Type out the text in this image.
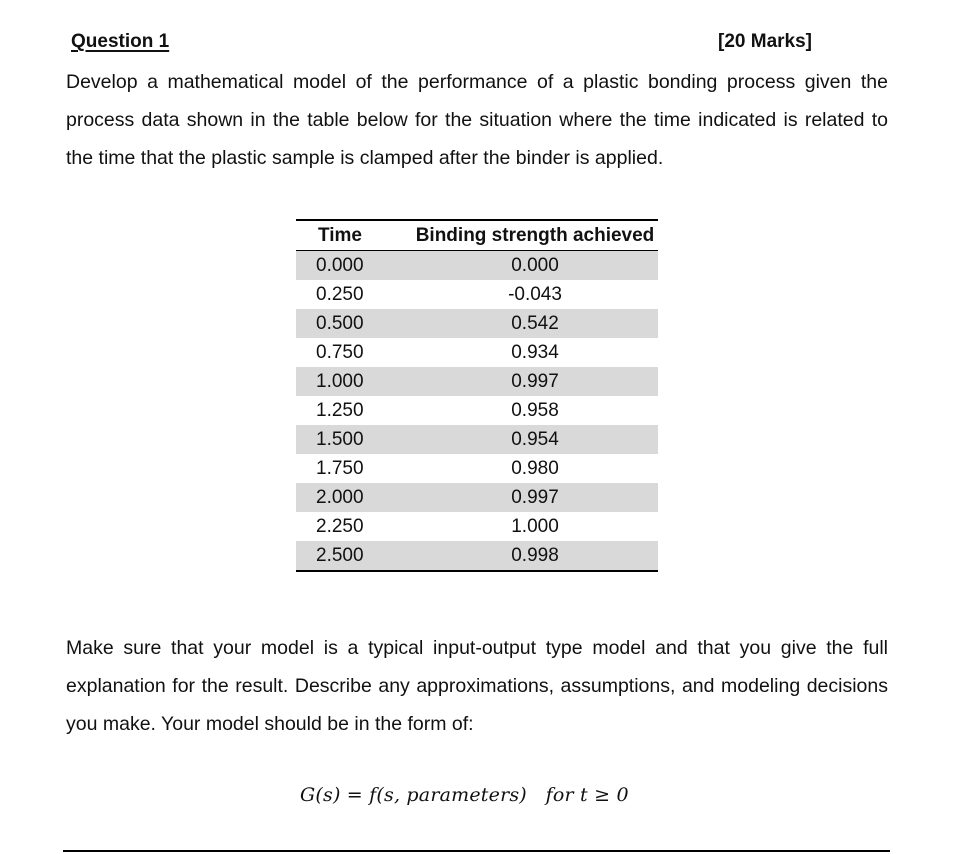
Question 1	[20 Marks]

Develop a mathematical model of the performance of a plastic bonding process given the process data shown in the table below for the situation where the time indicated is related to the time that the plastic sample is clamped after the binder is applied.

Time	Binding strength achieved
0.000	0.000
0.250	-0.043
0.500	0.542
0.750	0.934
1.000	0.997
1.250	0.958
1.500	0.954
1.750	0.980
2.000	0.997
2.250	1.000
2.500	0.998

Make sure that your model is a typical input-output type model and that you give the full explanation for the result. Describe any approximations, assumptions, and modeling decisions you make. Your model should be in the form of:

G(s) = f(s, parameters)   for t ≥ 0
